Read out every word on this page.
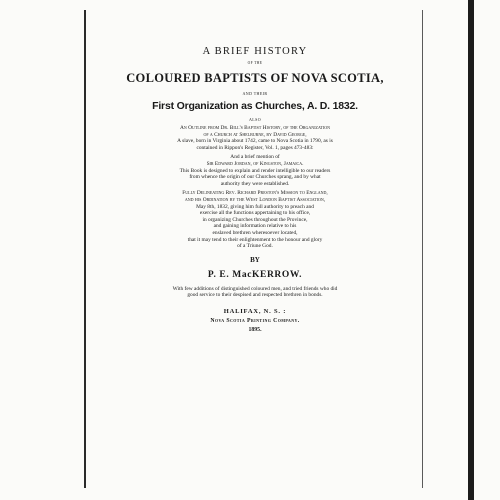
A BRIEF HISTORY
OF THE
COLOURED BAPTISTS OF NOVA SCOTIA,
AND THEIR
First Organization as Churches, A. D. 1832.
ALSO
An Outline from Dr. Bill's Baptist History, of the Organization
of a Church at Shelburne, by David George,
A slave, born in Virginia about 1742, came to Nova Scotia in 1790, as is
contained in Rippon's Register, Vol. 1, pages 473-483:
And a brief mention of
Sir Edward Jordan, of Kingston, Jamaica.
This Book is designed to explain and render intelligible to our readers
from whence the origin of our Churches sprang, and by what
authority they were established.
Fully Delineating Rev. Richard Preston's Mission to England,
and his Ordination by the West London Baptist Association,
May 8th, 1832, giving him full authority to preach and
exercise all the functions appertaining to his office,
in organizing Churches throughout the Province,
and gaining information relative to his
enslaved brethren wheresoever located,
that it may tend to their enlightenment to the honour and glory
of a Triune God.
BY
P. E. MacKERROW.
With few additions of distinguished coloured men, and tried friends who did
good service to their despised and respected brethren in bonds.
HALIFAX, N. S. :
Nova Scotia Printing Company.
1895.
